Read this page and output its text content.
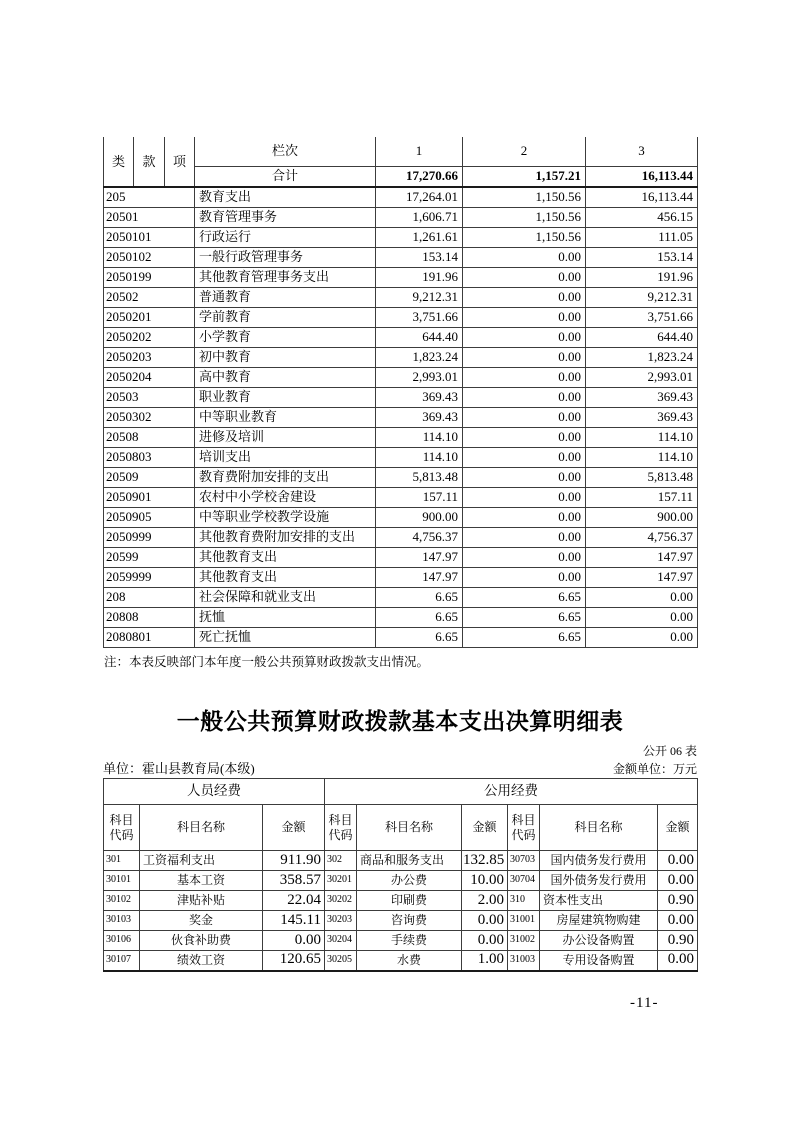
类	款	项	栏次	1	2	3
			合计	17,270.66	1,157.21	16,113.44
205			教育支出	17,264.01	1,150.56	16,113.44
20501			教育管理事务	1,606.71	1,150.56	456.15
2050101			行政运行	1,261.61	1,150.56	111.05
2050102			一般行政管理事务	153.14	0.00	153.14
2050199			其他教育管理事务支出	191.96	0.00	191.96
20502			普通教育	9,212.31	0.00	9,212.31
2050201			学前教育	3,751.66	0.00	3,751.66
2050202			小学教育	644.40	0.00	644.40
2050203			初中教育	1,823.24	0.00	1,823.24
2050204			高中教育	2,993.01	0.00	2,993.01
20503			职业教育	369.43	0.00	369.43
2050302			中等职业教育	369.43	0.00	369.43
20508			进修及培训	114.10	0.00	114.10
2050803			培训支出	114.10	0.00	114.10
20509			教育费附加安排的支出	5,813.48	0.00	5,813.48
2050901			农村中小学校舍建设	157.11	0.00	157.11
2050905			中等职业学校教学设施	900.00	0.00	900.00
2050999			其他教育费附加安排的支出	4,756.37	0.00	4,756.37
20599			其他教育支出	147.97	0.00	147.97
2059999			其他教育支出	147.97	0.00	147.97
208			社会保障和就业支出	6.65	6.65	0.00
20808			抚恤	6.65	6.65	0.00
2080801			死亡抚恤	6.65	6.65	0.00
注：本表反映部门本年度一般公共预算财政拨款支出情况。
一般公共预算财政拨款基本支出决算明细表
公开 06 表
单位：霍山县教育局(本级)	金额单位：万元
人员经费			公用经费					
科目代码	科目名称	金额	科目代码	科目名称	金额	科目代码	科目名称	金额
301	工资福利支出	911.90	302	商品和服务支出	132.85	30703	国内债务发行费用	0.00
30101	基本工资	358.57	30201	办公费	10.00	30704	国外债务发行费用	0.00
30102	津贴补贴	22.04	30202	印刷费	2.00	310	资本性支出	0.90
30103	奖金	145.11	30203	咨询费	0.00	31001	房屋建筑物购建	0.00
30106	伙食补助费	0.00	30204	手续费	0.00	31002	办公设备购置	0.90
30107	绩效工资	120.65	30205	水费	1.00	31003	专用设备购置	0.00
-11-
